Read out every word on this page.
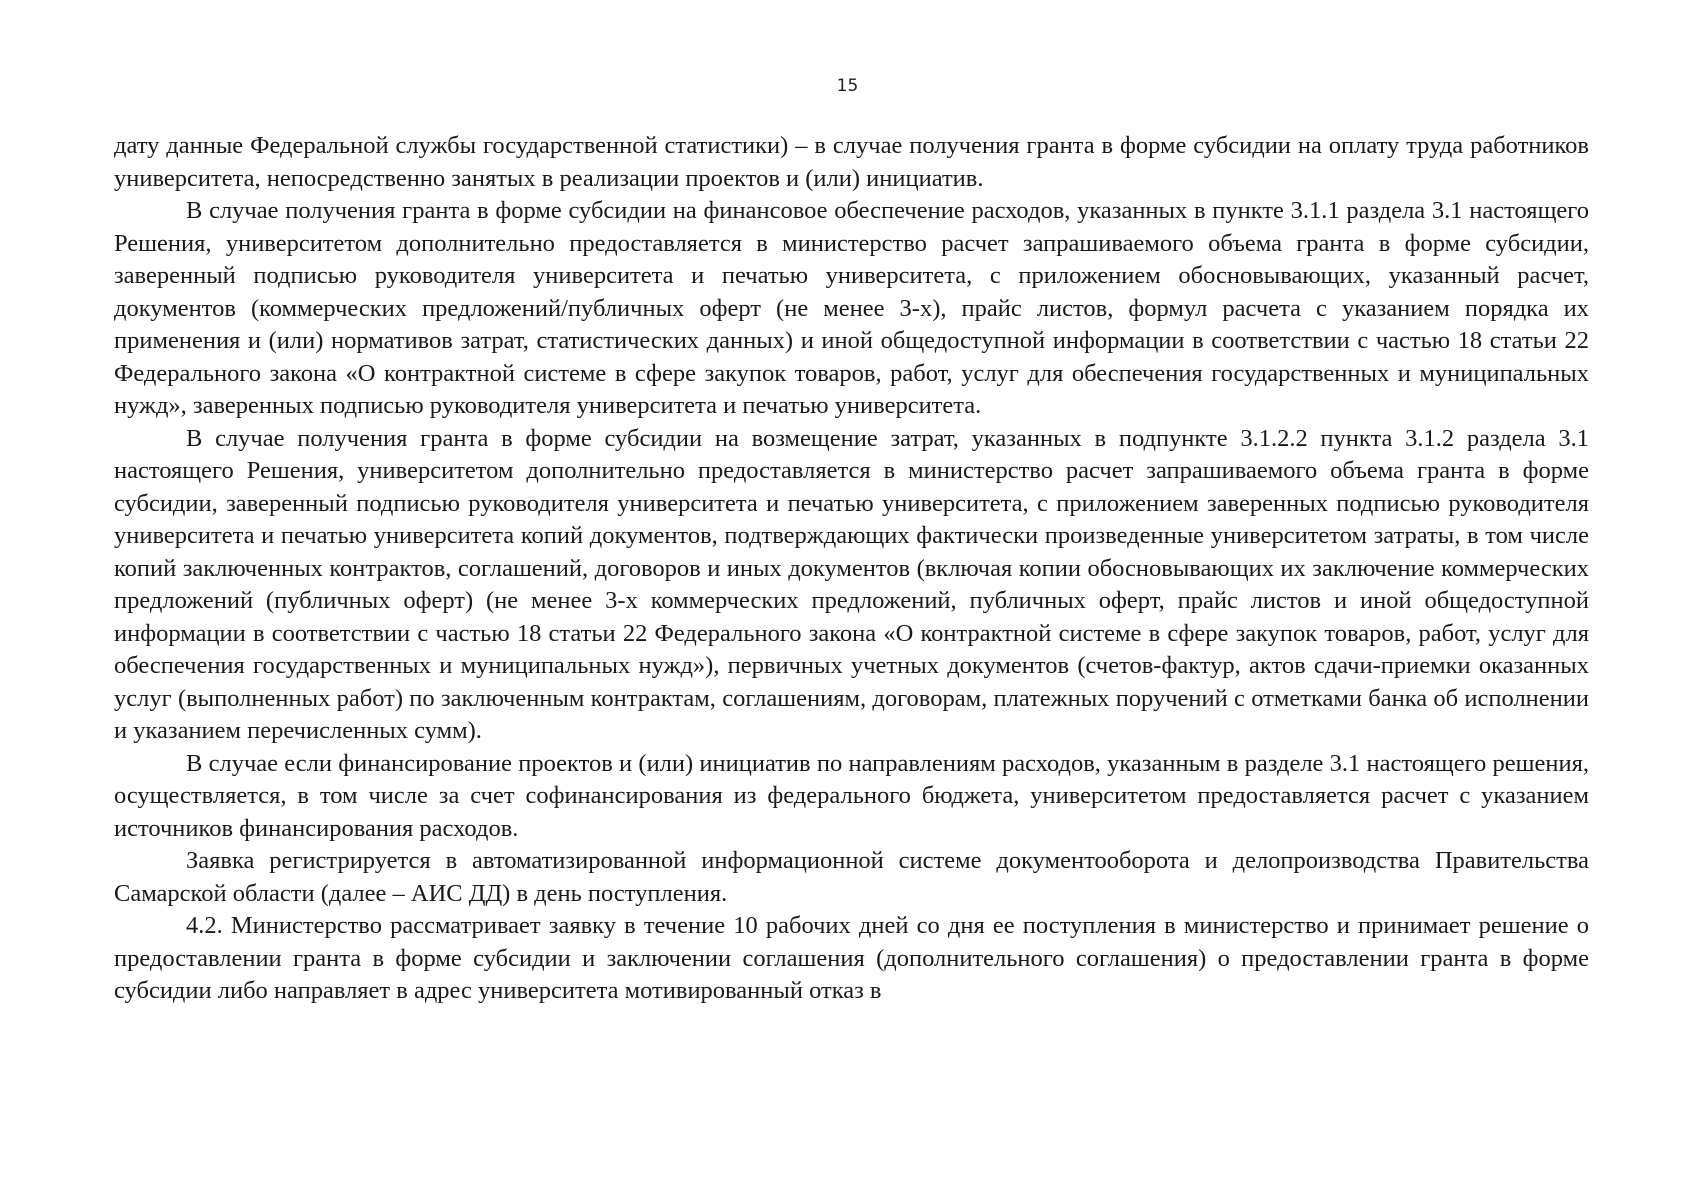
15

дату данные Федеральной службы государственной статистики) – в случае получения гранта в форме субсидии на оплату труда работников университета, непосредственно занятых в реализации проектов и (или) инициатив.

В случае получения гранта в форме субсидии на финансовое обеспечение расходов, указанных в пункте 3.1.1 раздела 3.1 настоящего Решения, университетом дополнительно предоставляется в министерство расчет запрашиваемого объема гранта в форме субсидии, заверенный подписью руководителя университета и печатью университета, с приложением обосновывающих, указанный расчет, документов (коммерческих предложений/публичных оферт (не менее 3-х), прайс листов, формул расчета с указанием порядка их применения и (или) нормативов затрат, статистических данных) и иной общедоступной информации в соответствии с частью 18 статьи 22 Федерального закона «О контрактной системе в сфере закупок товаров, работ, услуг для обеспечения государственных и муниципальных нужд», заверенных подписью руководителя университета и печатью университета.

В случае получения гранта в форме субсидии на возмещение затрат, указанных в подпункте 3.1.2.2 пункта 3.1.2 раздела 3.1 настоящего Решения, университетом дополнительно предоставляется в министерство расчет запрашиваемого объема гранта в форме субсидии, заверенный подписью руководителя университета и печатью университета, с приложением заверенных подписью руководителя университета и печатью университета копий документов, подтверждающих фактически произведенные университетом затраты, в том числе копий заключенных контрактов, соглашений, договоров и иных документов (включая копии обосновывающих их заключение коммерческих предложений (публичных оферт) (не менее 3-х коммерческих предложений, публичных оферт, прайс листов и иной общедоступной информации в соответствии с частью 18 статьи 22 Федерального закона «О контрактной системе в сфере закупок товаров, работ, услуг для обеспечения государственных и муниципальных нужд»), первичных учетных документов (счетов-фактур, актов сдачи-приемки оказанных услуг (выполненных работ) по заключенным контрактам, соглашениям, договорам, платежных поручений с отметками банка об исполнении и указанием перечисленных сумм).

В случае если финансирование проектов и (или) инициатив по направлениям расходов, указанным в разделе 3.1 настоящего решения, осуществляется, в том числе за счет софинансирования из федерального бюджета, университетом предоставляется расчет с указанием источников финансирования расходов.

Заявка регистрируется в автоматизированной информационной системе документооборота и делопроизводства Правительства Самарской области (далее – АИС ДД) в день поступления.

4.2. Министерство рассматривает заявку в течение 10 рабочих дней со дня ее поступления в министерство и принимает решение о предоставлении гранта в форме субсидии и заключении соглашения (дополнительного соглашения) о предоставлении гранта в форме субсидии либо направляет в адрес университета мотивированный отказ в
